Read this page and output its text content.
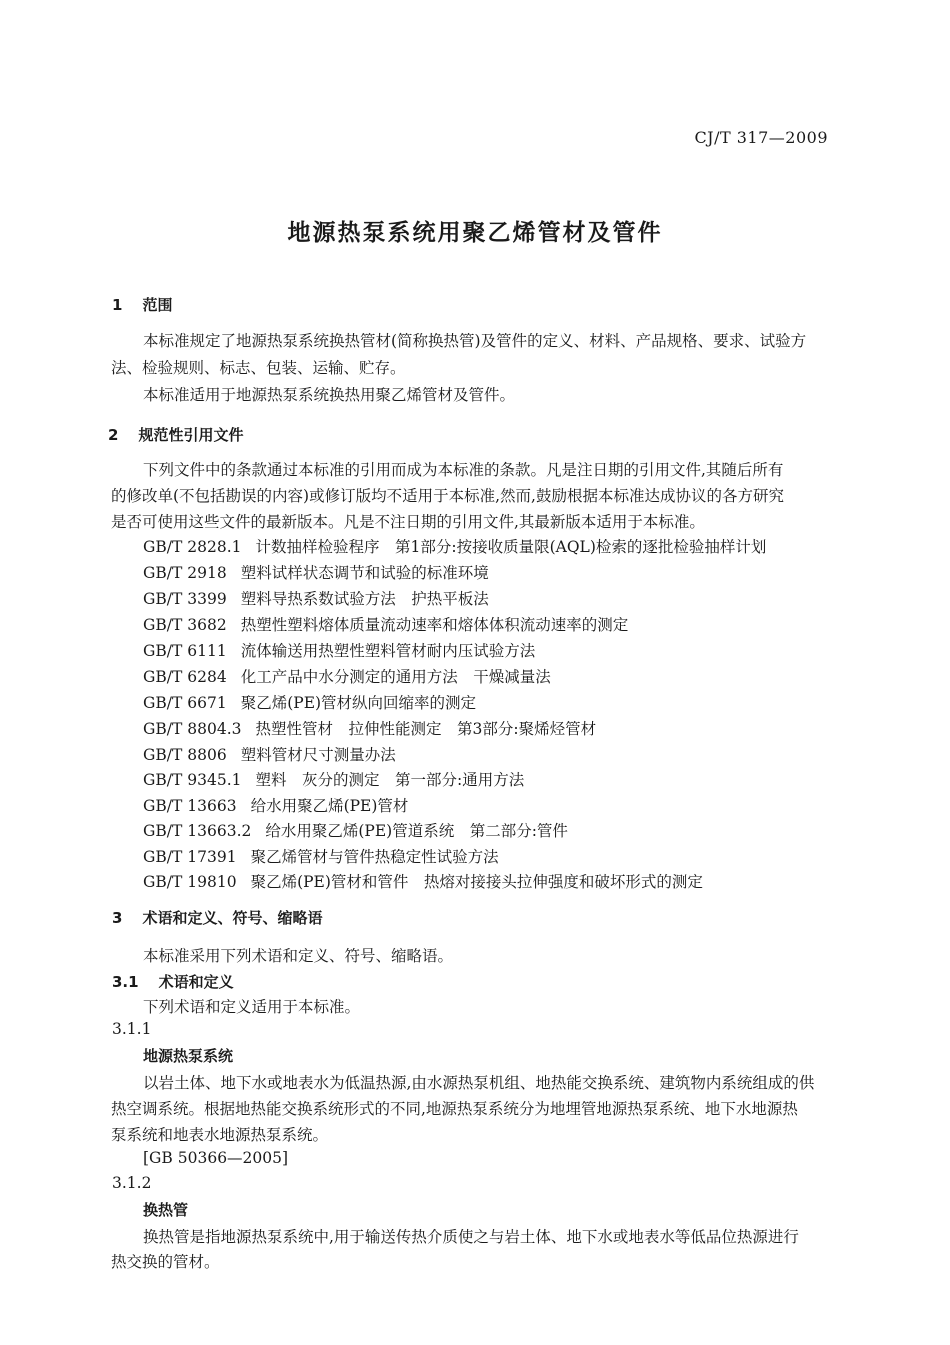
CJ/T 317—2009
地源热泵系统用聚乙烯管材及管件
1 范围
本标准规定了地源热泵系统换热管材(简称换热管)及管件的定义、材料、产品规格、要求、试验方
法、检验规则、标志、包装、运输、贮存。
本标准适用于地源热泵系统换热用聚乙烯管材及管件。
2 规范性引用文件
下列文件中的条款通过本标准的引用而成为本标准的条款。凡是注日期的引用文件,其随后所有
的修改单(不包括勘误的内容)或修订版均不适用于本标准,然而,鼓励根据本标准达成协议的各方研究
是否可使用这些文件的最新版本。凡是不注日期的引用文件,其最新版本适用于本标准。
GB/T 2828.1 计数抽样检验程序　第1部分:按接收质量限(AQL)检索的逐批检验抽样计划
GB/T 2918 塑料试样状态调节和试验的标准环境
GB/T 3399 塑料导热系数试验方法　护热平板法
GB/T 3682 热塑性塑料熔体质量流动速率和熔体体积流动速率的测定
GB/T 6111 流体输送用热塑性塑料管材耐内压试验方法
GB/T 6284 化工产品中水分测定的通用方法　干燥减量法
GB/T 6671 聚乙烯(PE)管材纵向回缩率的测定
GB/T 8804.3 热塑性管材　拉伸性能测定　第3部分:聚烯烃管材
GB/T 8806 塑料管材尺寸测量办法
GB/T 9345.1 塑料　灰分的测定　第一部分:通用方法
GB/T 13663 给水用聚乙烯(PE)管材
GB/T 13663.2 给水用聚乙烯(PE)管道系统　第二部分:管件
GB/T 17391 聚乙烯管材与管件热稳定性试验方法
GB/T 19810 聚乙烯(PE)管材和管件　热熔对接接头拉伸强度和破坏形式的测定
3 术语和定义、符号、缩略语
本标准采用下列术语和定义、符号、缩略语。
3.1 术语和定义
下列术语和定义适用于本标准。
3.1.1
地源热泵系统
以岩土体、地下水或地表水为低温热源,由水源热泵机组、地热能交换系统、建筑物内系统组成的供
热空调系统。根据地热能交换系统形式的不同,地源热泵系统分为地埋管地源热泵系统、地下水地源热
泵系统和地表水地源热泵系统。
[GB 50366—2005]
3.1.2
换热管
换热管是指地源热泵系统中,用于输送传热介质使之与岩土体、地下水或地表水等低品位热源进行
热交换的管材。
